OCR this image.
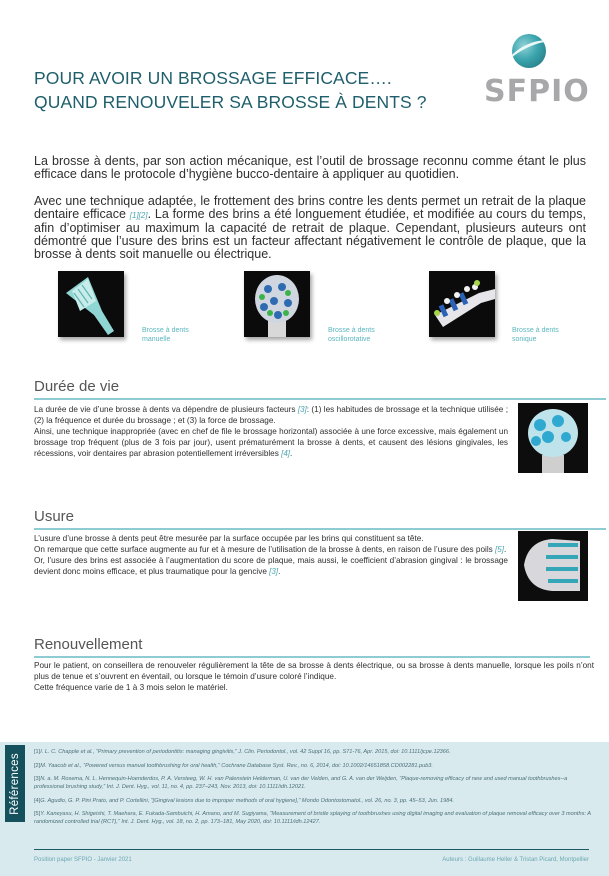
POUR AVOIR UN BROSSAGE EFFICACE….
QUAND RENOUVELER SA BROSSE À DENTS ? SFPIO
La brosse à dents, par son action mécanique, est l’outil de brossage reconnu comme étant le plus efficace dans le protocole d’hygiène bucco-dentaire à appliquer au quotidien.
Avec une technique adaptée, le frottement des brins contre les dents permet un retrait de la plaque dentaire efficace [1][2]. La forme des brins a été longuement étudiée, et modifiée au cours du temps, afin d’optimiser au maximum la capacité de retrait de plaque. Cependant, plusieurs auteurs ont démontré que l’usure des brins est un facteur affectant négativement le contrôle de plaque, que la brosse à dents soit manuelle ou électrique.
Brosse à dents
manuelle
Brosse à dents
oscillorotative
Brosse à dents
sonique
Durée de vie
La durée de vie d’une brosse à dents va dépendre de plusieurs facteurs [3]: (1) les habitudes de brossage et la technique utilisée ; (2) la fréquence et durée du brossage ; et (3) la force de brossage.
Ainsi, une technique inappropriée (avec en chef de file le brossage horizontal) associée à une force excessive, mais également un brossage trop fréquent (plus de 3 fois par jour), usent prématurément la brosse à dents, et causent des lésions gingivales, les récessions, voir dentaires par abrasion potentiellement irréversibles [4].
Usure
L’usure d’une brosse à dents peut être mesurée par la surface occupée par les brins qui constituent sa tête.
On remarque que cette surface augmente au fur et à mesure de l’utilisation de la brosse à dents, en raison de l’usure des poils [5].
Or, l’usure des brins est associée à l’augmentation du score de plaque, mais aussi, le coefficient d’abrasion gingival : le brossage devient donc moins efficace, et plus traumatique pour la gencive [3].
Renouvellement
Pour le patient, on conseillera de renouveler régulièrement la tête de sa brosse à dents électrique, ou sa brosse à dents manuelle, lorsque les poils n’ont plus de tenue et s’ouvrent en éventail, ou lorsque le témoin d’usure coloré l’indique.
Cette fréquence varie de 1 à 3 mois selon le matériel.
Références
[1]I. L. C. Chapple et al., “Primary prevention of periodontitis: managing gingivitis,” J. Clin. Periodontol., vol. 42 Suppl 16, pp. S71-76, Apr. 2015, doi: 10.1111/jcpe.12366.
[2]M. Yaacob et al., “Powered versus manual toothbrushing for oral health,” Cochrane Database Syst. Rev., no. 6, 2014, doi: 10.1002/14651858.CD002281.pub3.
[3]N. a. M. Rosema, N. L. Hennequin-Hoenderdos, P. A. Versteeg, W. H. van Palenstein Helderman, U. van der Velden, and G. A. van der Weijden, “Plaque-removing efficacy of new and used manual toothbrushes--a professional brushing study,” Int. J. Dent. Hyg., vol. 11, no. 4, pp. 237–243, Nov. 2013, doi: 10.1111/idh.12021.
[4]G. Agudio, G. P. Pini Prato, and P. Cortellini, “[Gingival lesions due to improper methods of oral hygiene],” Mondo Odontostomatol., vol. 26, no. 3, pp. 45–53, Jun. 1984.
[5]Y. Kaneyasu, H. Shigeishi, T. Maehara, E. Fukada-Sambuichi, H. Amano, and M. Sugiyama, “Measurement of bristle splaying of toothbrushes using digital imaging and evaluation of plaque removal efficacy over 3 months: A randomized controlled trial (RCT),” Int. J. Dent. Hyg., vol. 18, no. 2, pp. 173–181, May 2020, doi: 10.1111/idh.12427.
Position paper SFPIO - Janvier 2021	Auteurs : Guillaume Heller & Tristan Picard, Montpellier
